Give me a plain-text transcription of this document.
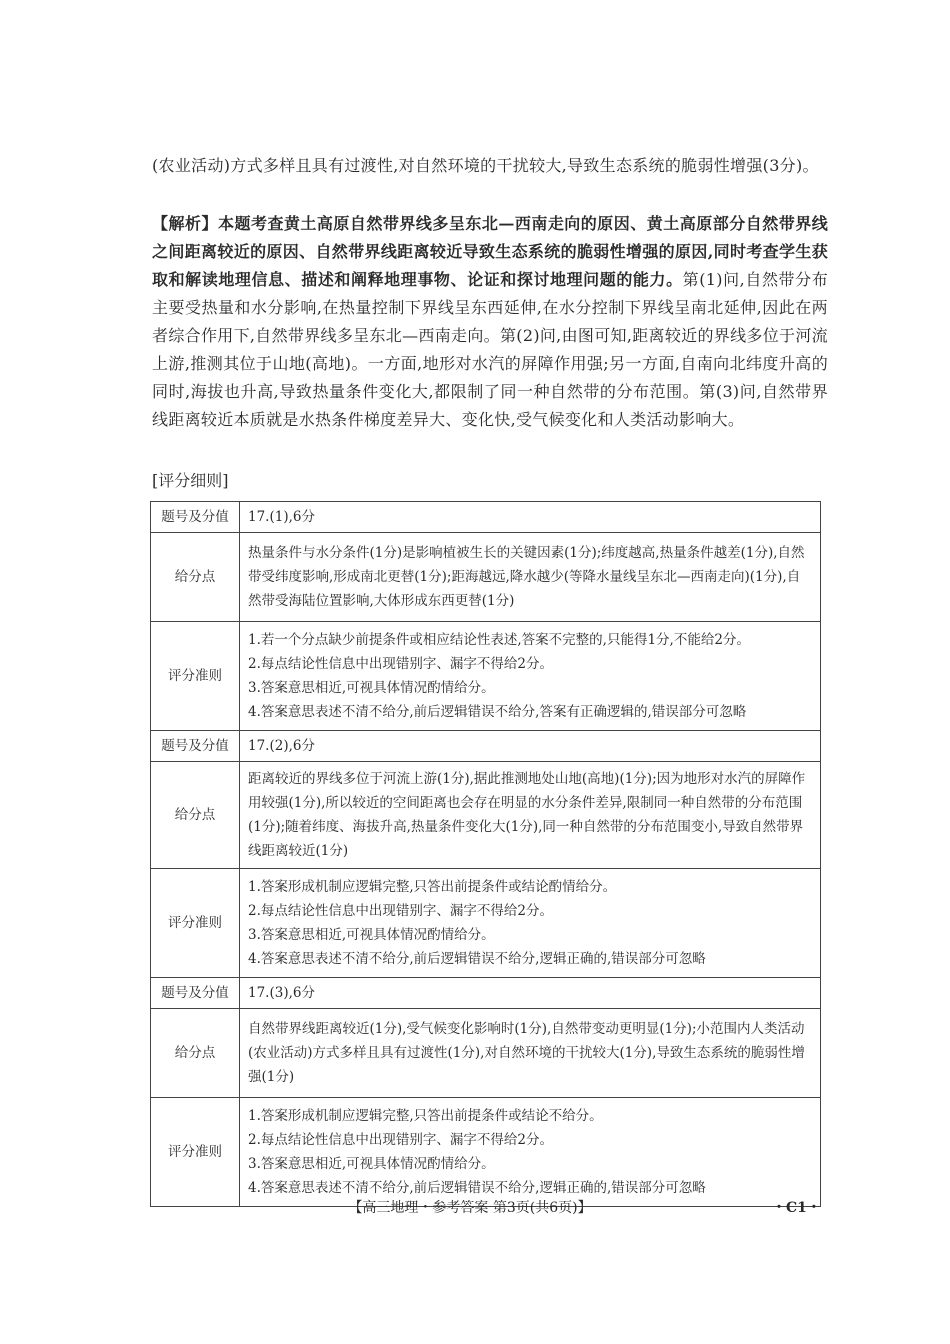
(农业活动)方式多样且具有过渡性,对自然环境的干扰较大,导致生态系统的脆弱性增强(3分)。

【解析】本题考查黄土高原自然带界线多呈东北—西南走向的原因、黄土高原部分自然带界线之间距离较近的原因、自然带界线距离较近导致生态系统的脆弱性增强的原因,同时考查学生获取和解读地理信息、描述和阐释地理事物、论证和探讨地理问题的能力。第(1)问,自然带分布主要受热量和水分影响,在热量控制下界线呈东西延伸,在水分控制下界线呈南北延伸,因此在两者综合作用下,自然带界线多呈东北—西南走向。第(2)问,由图可知,距离较近的界线多位于河流上游,推测其位于山地(高地)。一方面,地形对水汽的屏障作用强;另一方面,自南向北纬度升高的同时,海拔也升高,导致热量条件变化大,都限制了同一种自然带的分布范围。第(3)问,自然带界线距离较近本质就是水热条件梯度差异大、变化快,受气候变化和人类活动影响大。

[评分细则]

题号及分值	17.(1),6分
给分点	热量条件与水分条件(1分)是影响植被生长的关键因素(1分);纬度越高,热量条件越差(1分),自然带受纬度影响,形成南北更替(1分);距海越远,降水越少(等降水量线呈东北—西南走向)(1分),自然带受海陆位置影响,大体形成东西更替(1分)
评分准则	1.若一个分点缺少前提条件或相应结论性表述,答案不完整的,只能得1分,不能给2分。
2.每点结论性信息中出现错别字、漏字不得给2分。
3.答案意思相近,可视具体情况酌情给分。
4.答案意思表述不清不给分,前后逻辑错误不给分,答案有正确逻辑的,错误部分可忽略

题号及分值	17.(2),6分
给分点	距离较近的界线多位于河流上游(1分),据此推测地处山地(高地)(1分);因为地形对水汽的屏障作用较强(1分),所以较近的空间距离也会存在明显的水分条件差异,限制同一种自然带的分布范围(1分);随着纬度、海拔升高,热量条件变化大(1分),同一种自然带的分布范围变小,导致自然带界线距离较近(1分)
评分准则	1.答案形成机制应逻辑完整,只答出前提条件或结论酌情给分。
2.每点结论性信息中出现错别字、漏字不得给2分。
3.答案意思相近,可视具体情况酌情给分。
4.答案意思表述不清不给分,前后逻辑错误不给分,逻辑正确的,错误部分可忽略

题号及分值	17.(3),6分
给分点	自然带界线距离较近(1分),受气候变化影响时(1分),自然带变动更明显(1分);小范围内人类活动(农业活动)方式多样且具有过渡性(1分),对自然环境的干扰较大(1分),导致生态系统的脆弱性增强(1分)
评分准则	1.答案形成机制应逻辑完整,只答出前提条件或结论不给分。
2.每点结论性信息中出现错别字、漏字不得给2分。
3.答案意思相近,可视具体情况酌情给分。
4.答案意思表述不清不给分,前后逻辑错误不给分,逻辑正确的,错误部分可忽略
【高三地理・参考答案 第3页(共6页)】	・C1・
